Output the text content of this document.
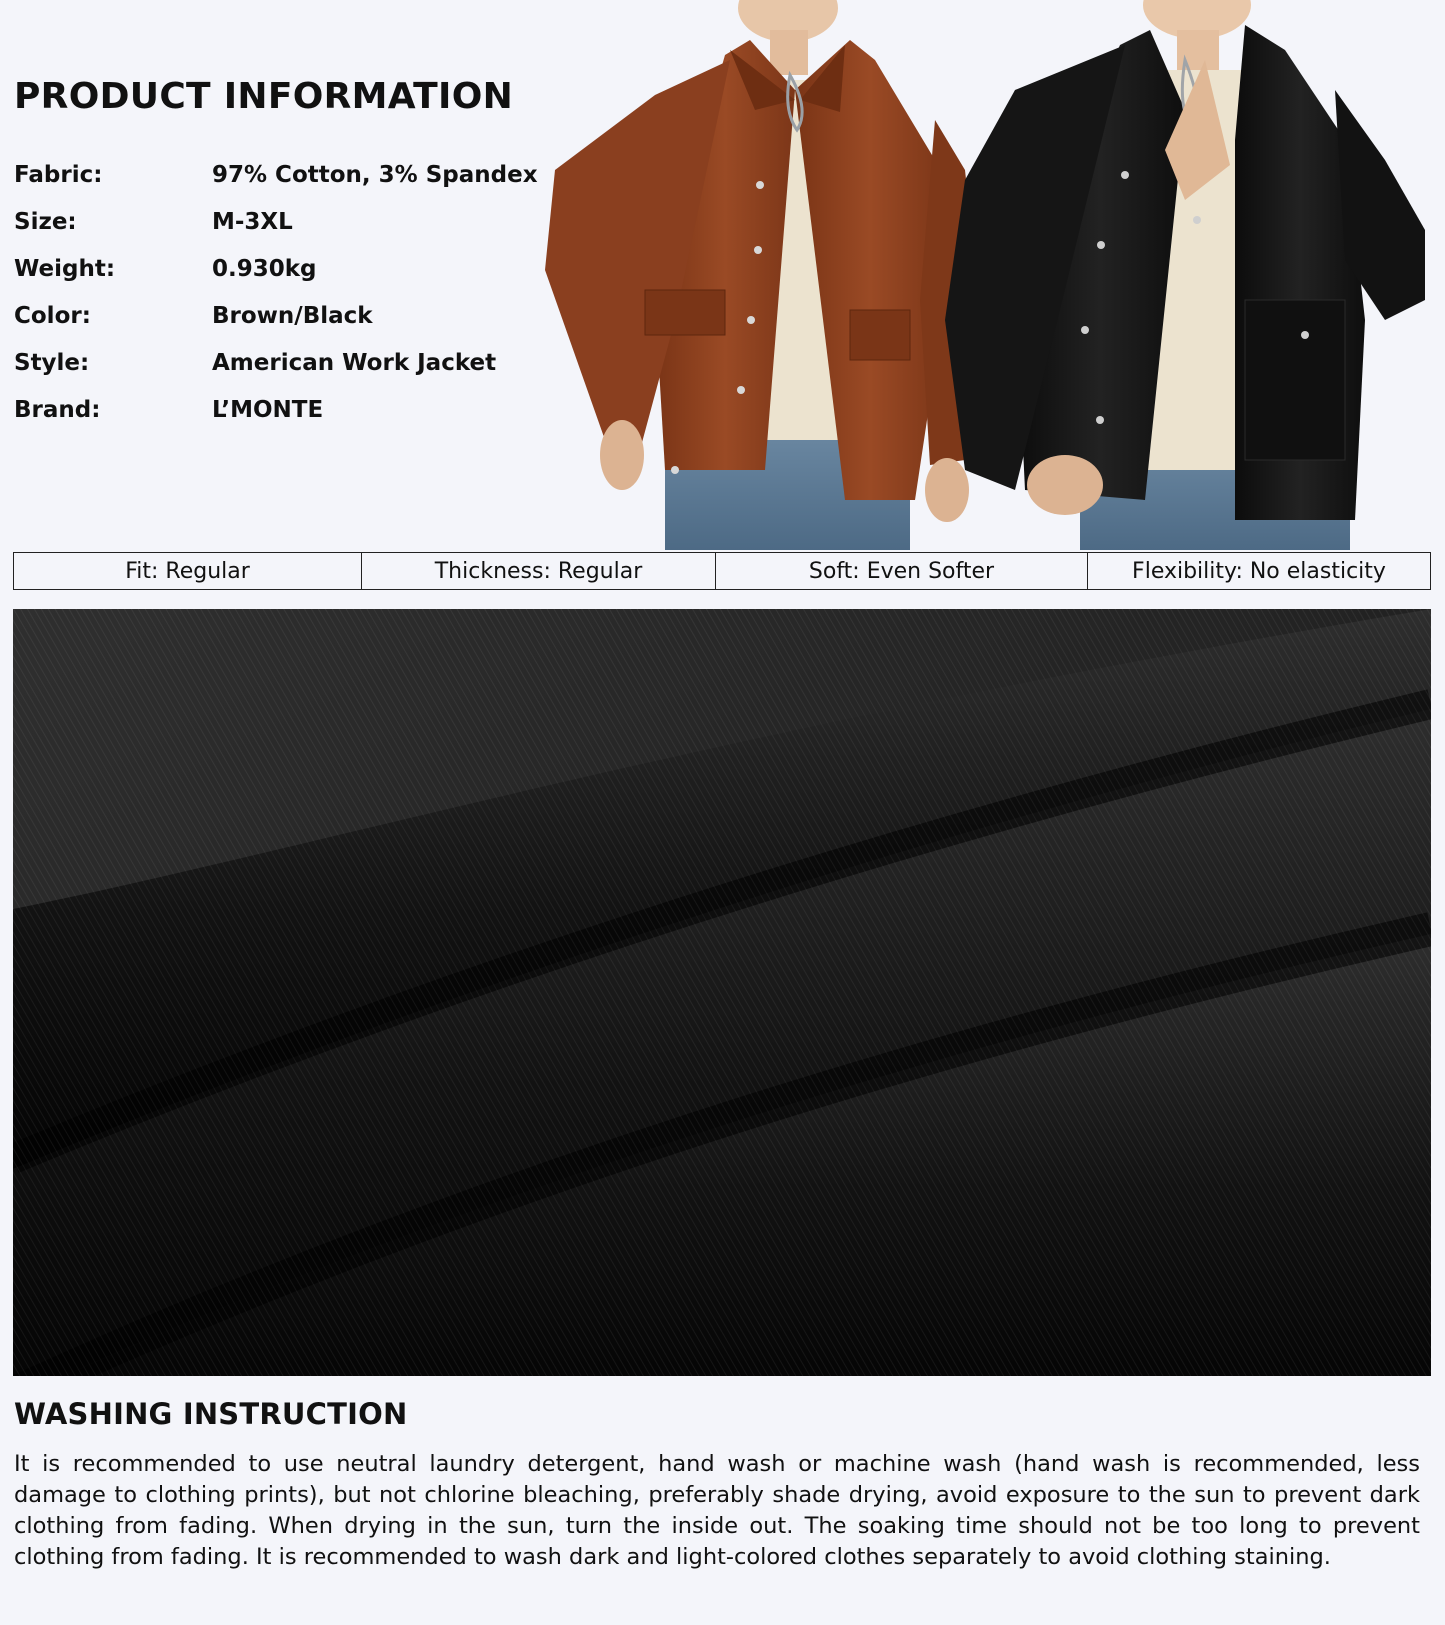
PRODUCT INFORMATION
Fabric:	97% Cotton, 3% Spandex
Size:	M-3XL
Weight:	0.930kg
Color:	Brown/Black
Style:	American Work Jacket
Brand:	L’MONTE
Fit: Regular	Thickness: Regular	Soft: Even Softer	Flexibility: No elasticity
WASHING INSTRUCTION

It is recommended to use neutral laundry detergent, hand wash or machine wash (hand wash is recommended, less damage to clothing prints), but not chlorine bleaching, preferably shade drying, avoid exposure to the sun to prevent dark clothing from fading. When drying in the sun, turn the inside out. The soaking time should not be too long to prevent clothing from fading. It is recommended to wash dark and light-colored clothes separately to avoid clothing staining.
